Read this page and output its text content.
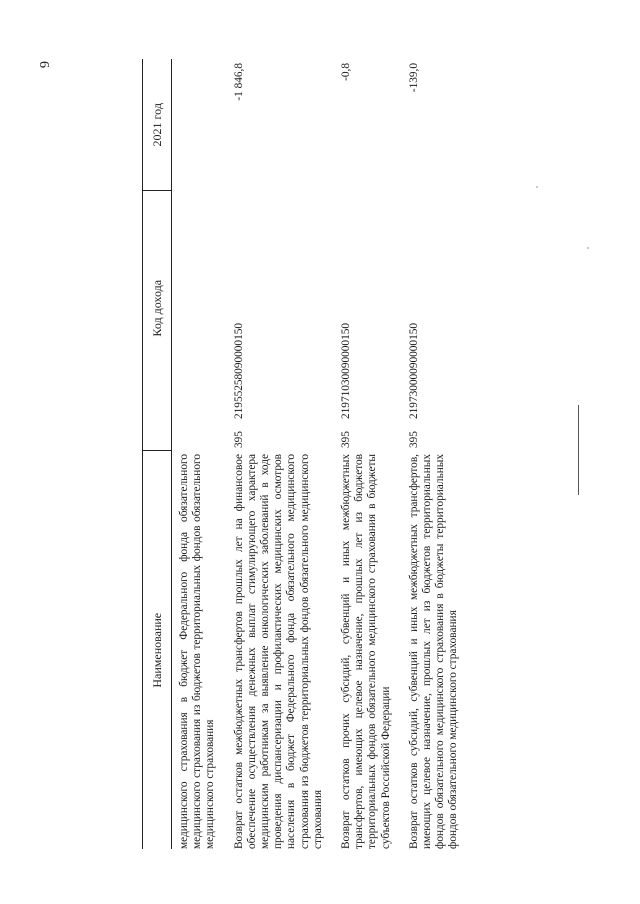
6
Наименование		Код дохода	2021 год
медицинского страхования в бюджет Федерального фонда обязательного медицинского страхования из бюджетов территориальных фондов обязательного медицинского страхования			
Возврат остатков межбюджетных трансфертов прошлых лет на финансовое обеспечение осуществления денежных выплат стимулирующего характера медицинским работникам за выявление онкологических заболеваний в ходе проведения диспансеризации и профилактических медицинских осмотров населения в бюджет Федерального фонда обязательного медицинского страхования из бюджетов территориальных фондов обязательного медицинского страхования	395	21955258090000150	-1 846,8
Возврат остатков прочих субсидий, субвенций и иных межбюджетных трансфертов, имеющих целевое назначение, прошлых лет из бюджетов территориальных фондов обязательного медицинского страхования в бюджеты субъектов Российской Федерации	395	21971030090000150	-0,8
Возврат остатков субсидий, субвенций и иных межбюджетных трансфертов, имеющих целевое назначение, прошлых лет из бюджетов территориальных фондов обязательного медицинского страхования в бюджеты территориальных фондов обязательного медицинского страхования	395	21973000090000150	-139,0
